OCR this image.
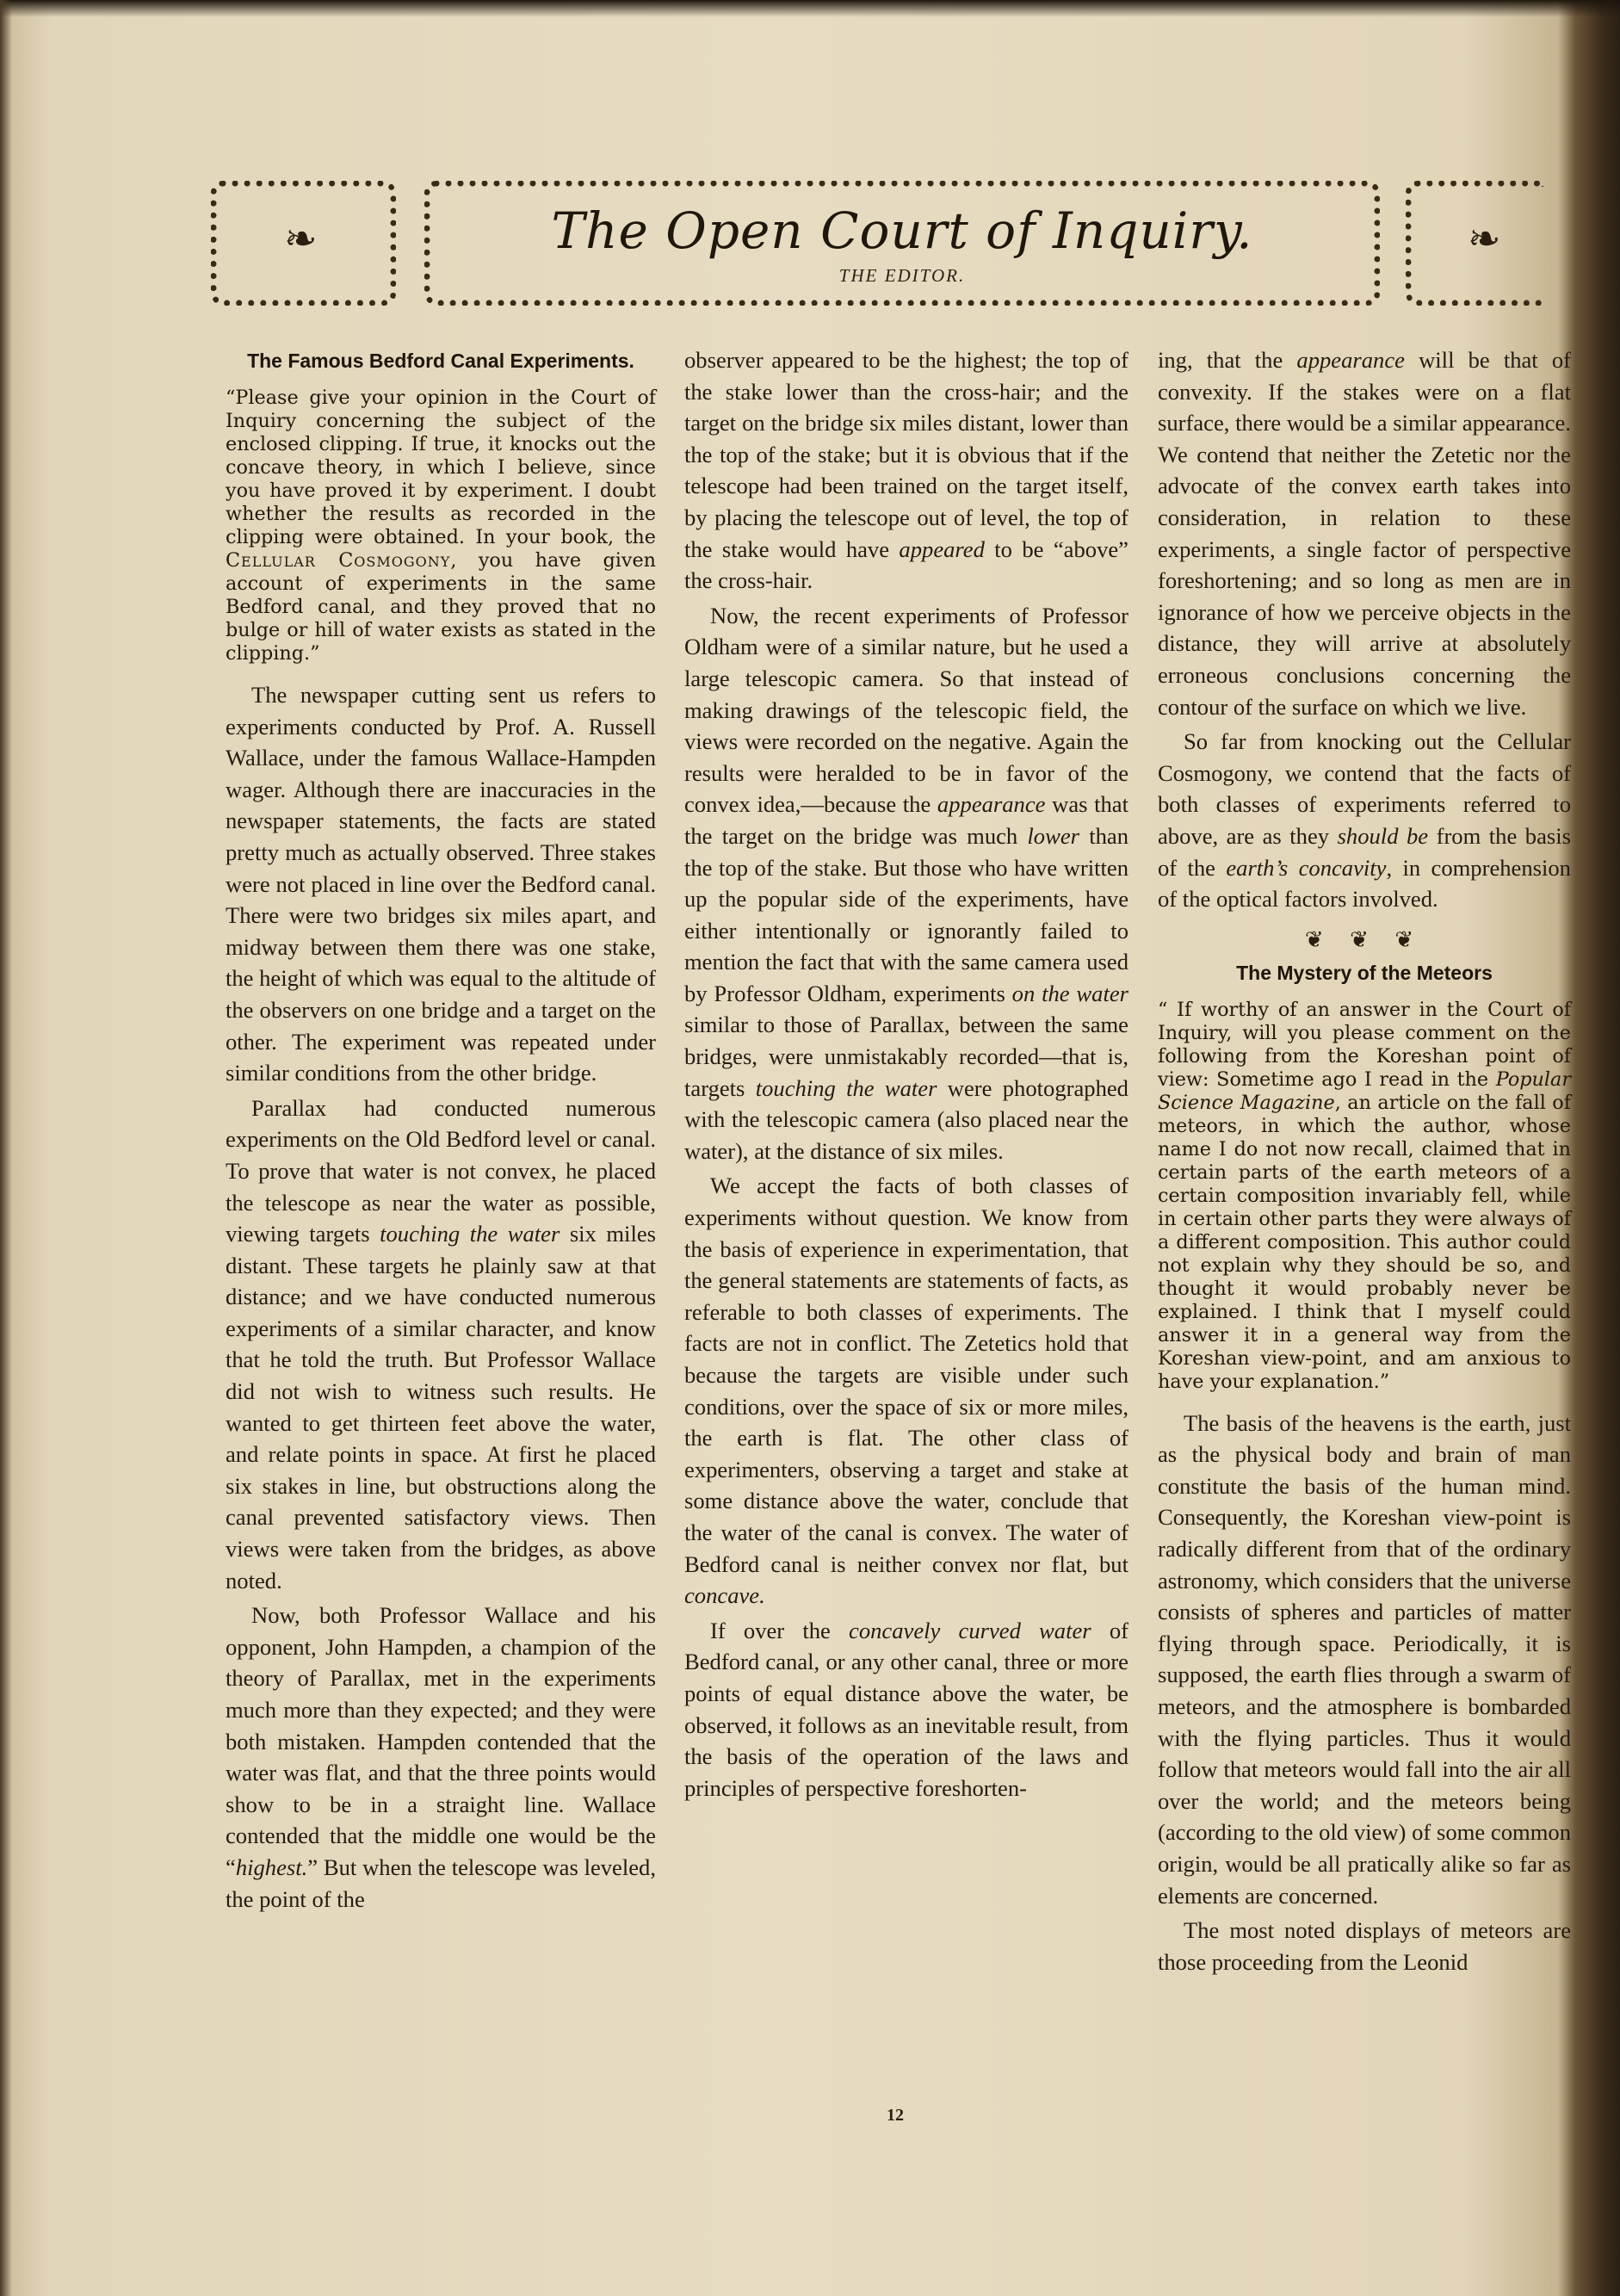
❧	❧
The Open Court of Inquiry.
THE EDITOR.
The Famous Bedford Canal Experiments.
“Please give your opinion in the Court of Inquiry concerning the subject of the enclosed clipping. If true, it knocks out the concave theory, in which I believe, since you have proved it by experiment. I doubt whether the results as recorded in the clipping were obtained. In your book, the Cellular Cosmogony, you have given account of experiments in the same Bedford canal, and they proved that no bulge or hill of water exists as stated in the clipping.”
The newspaper cutting sent us refers to experiments conducted by Prof. A. Russell Wallace, under the famous Wallace-Hampden wager. Although there are inaccuracies in the newspaper statements, the facts are stated pretty much as actually observed. Three stakes were not placed in line over the Bedford canal. There were two bridges six miles apart, and midway between them there was one stake, the height of which was equal to the altitude of the observers on one bridge and a target on the other. The experiment was repeated under similar conditions from the other bridge.
Parallax had conducted numerous experiments on the Old Bedford level or canal. To prove that water is not convex, he placed the telescope as near the water as possible, viewing targets touching the water six miles distant. These targets he plainly saw at that distance; and we have conducted numerous experiments of a similar character, and know that he told the truth. But Professor Wallace did not wish to witness such results. He wanted to get thirteen feet above the water, and relate points in space. At first he placed six stakes in line, but obstructions along the canal prevented satisfactory views. Then views were taken from the bridges, as above noted.
Now, both Professor Wallace and his opponent, John Hampden, a champion of the theory of Parallax, met in the experiments much more than they expected; and they were both mistaken. Hampden contended that the water was flat, and that the three points would show to be in a straight line. Wallace contended that the middle one would be the “highest.” But when the telescope was leveled, the point of the
observer appeared to be the highest; the top of the stake lower than the cross-hair; and the target on the bridge six miles distant, lower than the top of the stake; but it is obvious that if the telescope had been trained on the target itself, by placing the telescope out of level, the top of the stake would have appeared to be “above” the cross-hair.
Now, the recent experiments of Professor Oldham were of a similar nature, but he used a large telescopic camera. So that instead of making drawings of the telescopic field, the views were recorded on the negative. Again the results were heralded to be in favor of the convex idea,—because the appearance was that the target on the bridge was much lower than the top of the stake. But those who have written up the popular side of the experiments, have either intentionally or ignorantly failed to mention the fact that with the same camera used by Professor Oldham, experiments on the water similar to those of Parallax, between the same bridges, were unmistakably recorded—that is, targets touching the water were photographed with the telescopic camera (also placed near the water), at the distance of six miles.
We accept the facts of both classes of experiments without question. We know from the basis of experience in experimentation, that the general statements are statements of facts, as referable to both classes of experiments. The facts are not in conflict. The Zetetics hold that because the targets are visible under such conditions, over the space of six or more miles, the earth is flat. The other class of experimenters, observing a target and stake at some distance above the water, conclude that the water of the canal is convex. The water of Bedford canal is neither convex nor flat, but concave.
If over the concavely curved water of Bedford canal, or any other canal, three or more points of equal distance above the water, be observed, it follows as an inevitable result, from the basis of the operation of the laws and principles of perspective foreshorten-
ing, that the appearance will be that of convexity. If the stakes were on a flat surface, there would be a similar appearance. We contend that neither the Zetetic nor the advocate of the convex earth takes into consideration, in relation to these experiments, a single factor of perspective foreshortening; and so long as men are in ignorance of how we perceive objects in the distance, they will arrive at absolutely erroneous conclusions concerning the contour of the surface on which we live.
So far from knocking out the Cellular Cosmogony, we contend that the facts of both classes of experiments referred to above, are as they should be from the basis of the earth’s concavity, in comprehension of the optical factors involved.
❦ ❦ ❦
The Mystery of the Meteors
“ If worthy of an answer in the Court of Inquiry, will you please comment on the following from the Koreshan point of view: Sometime ago I read in the Popular Science Magazine, an article on the fall of meteors, in which the author, whose name I do not now recall, claimed that in certain parts of the earth meteors of a certain composition invariably fell, while in certain other parts they were always of a different composition. This author could not explain why they should be so, and thought it would probably never be explained. I think that I myself could answer it in a general way from the Koreshan view-point, and am anxious to have your explanation.”
The basis of the heavens is the earth, just as the physical body and brain of man constitute the basis of the human mind. Consequently, the Koreshan view-point is radically different from that of the ordinary astronomy, which considers that the universe consists of spheres and particles of matter flying through space. Periodically, it is supposed, the earth flies through a swarm of meteors, and the atmosphere is bombarded with the flying particles. Thus it would follow that meteors would fall into the air all over the world; and the meteors being (according to the old view) of some common origin, would be all pratically alike so far as elements are concerned.
The most noted displays of meteors are those proceeding from the Leonid
12
